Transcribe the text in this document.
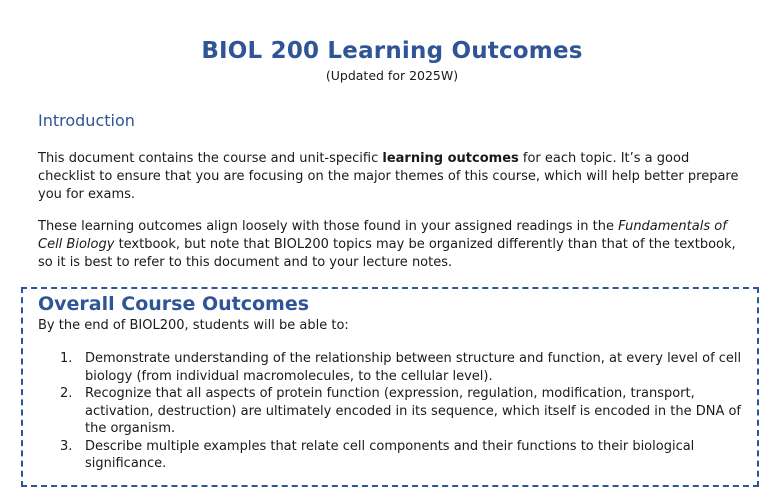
BIOL 200 Learning Outcomes
(Updated for 2025W)
Introduction
This document contains the course and unit-specific learning outcomes for each topic. It’s a good checklist to ensure that you are focusing on the major themes of this course, which will help better prepare you for exams.
These learning outcomes align loosely with those found in your assigned readings in the Fundamentals of Cell Biology textbook, but note that BIOL200 topics may be organized differently than that of the textbook, so it is best to refer to this document and to your lecture notes.
Overall Course Outcomes
By the end of BIOL200, students will be able to:
1. Demonstrate understanding of the relationship between structure and function, at every level of cell biology (from individual macromolecules, to the cellular level).
2. Recognize that all aspects of protein function (expression, regulation, modification, transport, activation, destruction) are ultimately encoded in its sequence, which itself is encoded in the DNA of the organism.
3. Describe multiple examples that relate cell components and their functions to their biological significance.
